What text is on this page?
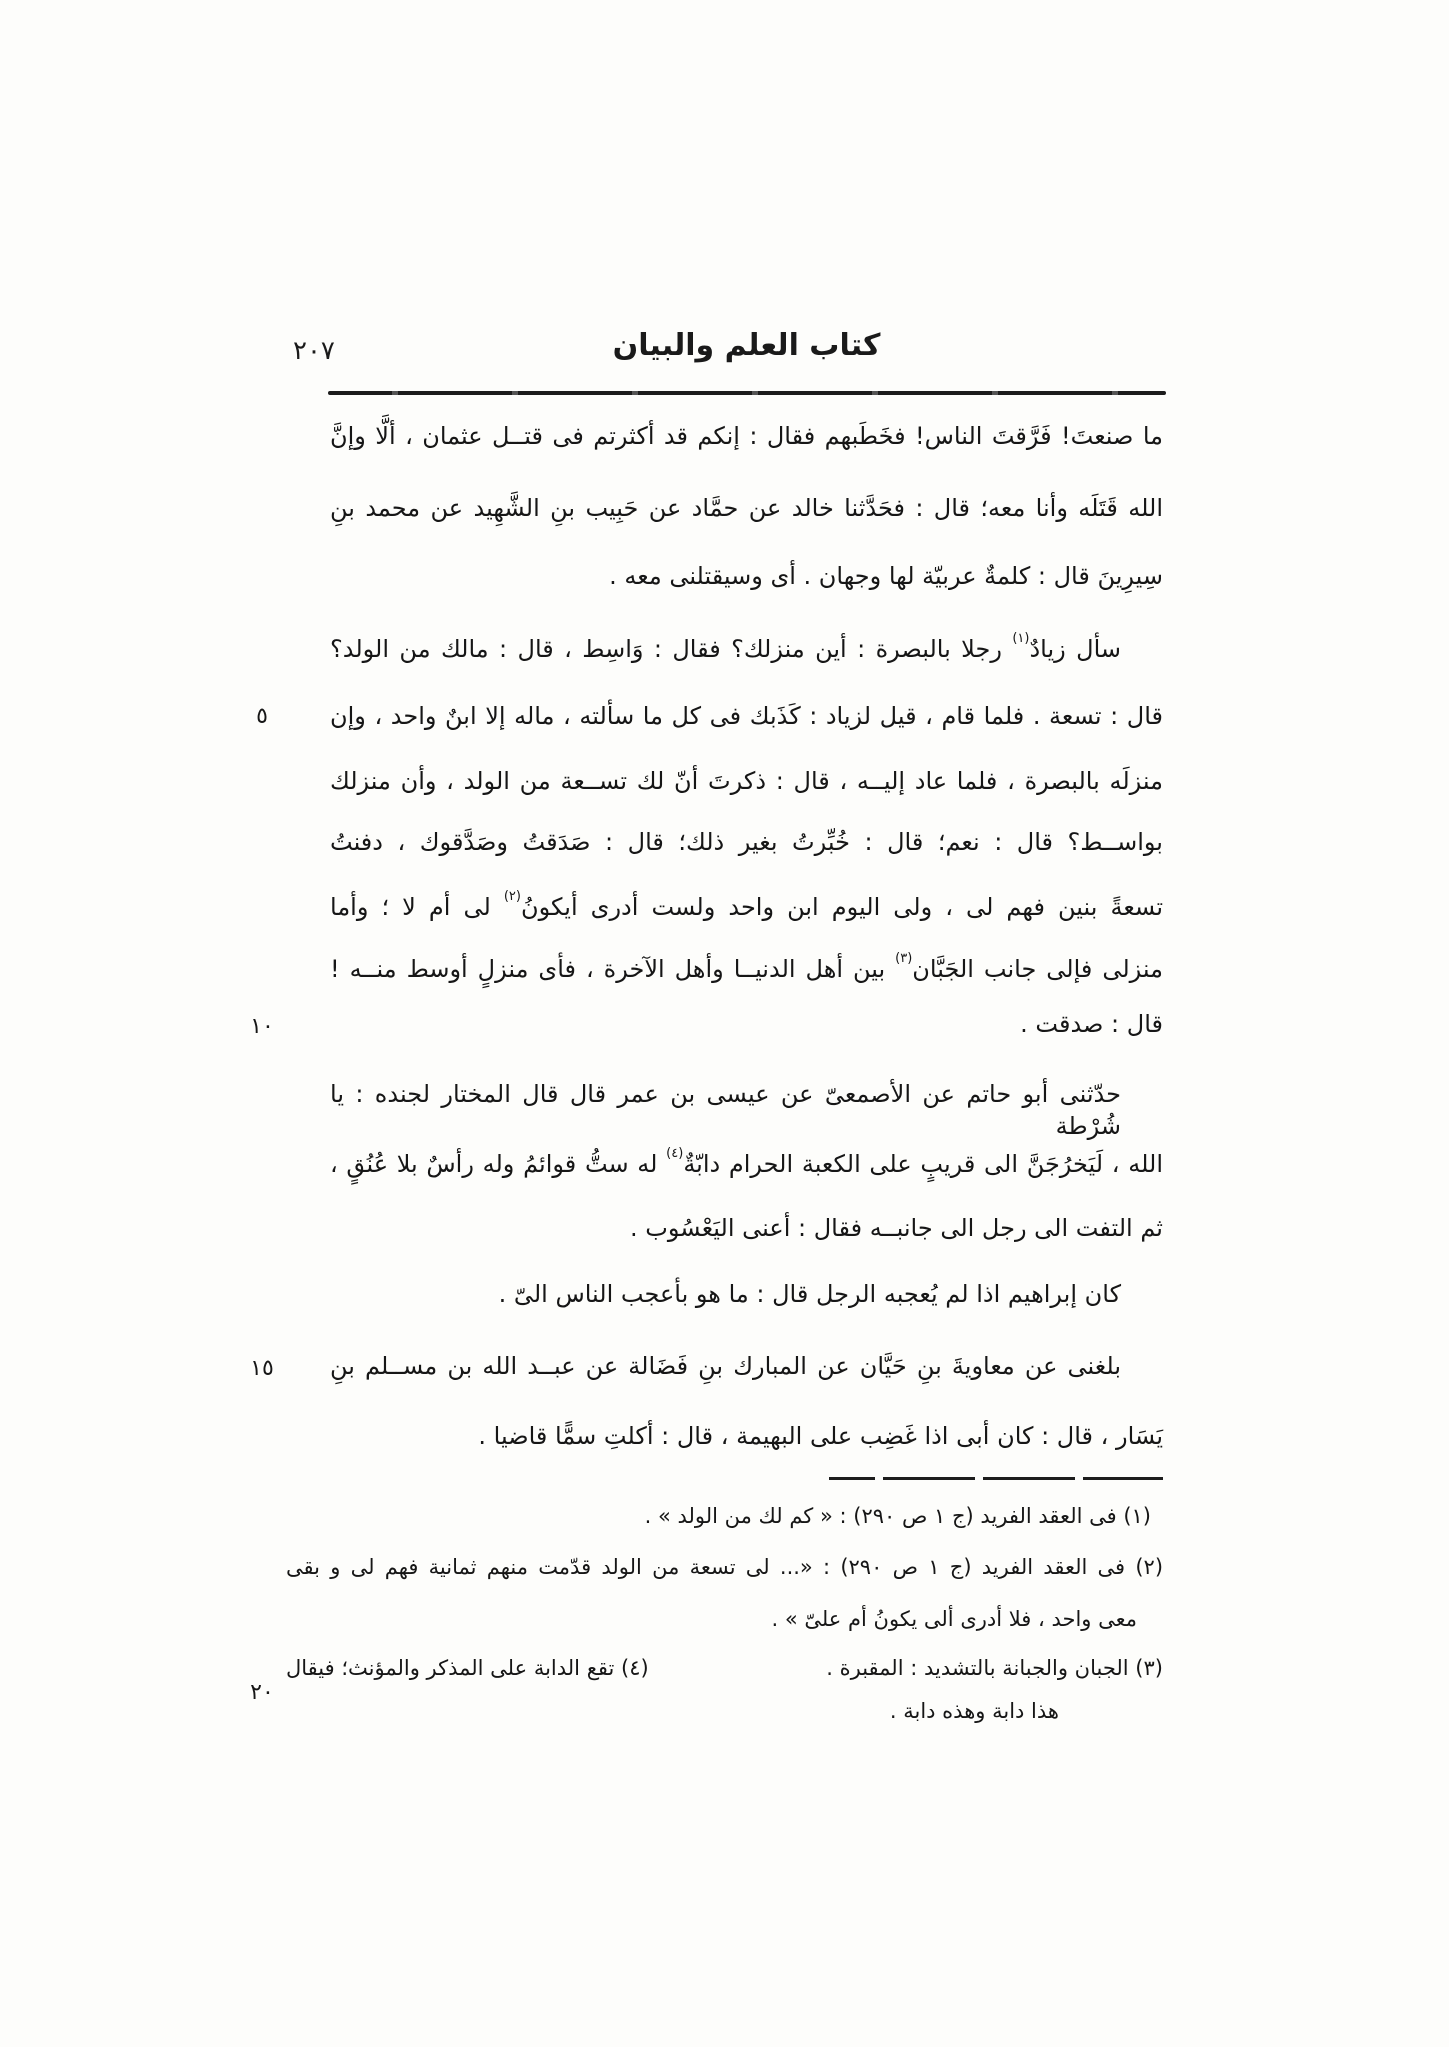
كتاب العلم والبيان
٢٠٧
ما صنعتَ! فَرَّقتَ الناس! فخَطَبهم فقال : إنكم قد أكثرتم فى قتــل عثمان ، ألَّا وإنَّ
الله قَتَلَه وأنا معه؛ قال : فحَدَّثنا خالد عن حمَّاد عن حَبِيب بنِ الشَّهِيد عن محمد بنِ
سِيرِينَ قال : كلمةٌ عربيّة لها وجهان . أى وسيقتلنى معه .
سأل زيادٌ$^{(١)}$ رجلا بالبصرة : أين منزلك؟ فقال : وَاسِط ، قال : مالك من الولد؟
قال : تسعة . فلما قام ، قيل لزياد : كَذَبك فى كل ما سألته ، ماله إلا ابنٌ واحد ، وإن
منزلَه بالبصرة ، فلما عاد إليــه ، قال : ذكرتَ أنّ لك تســعة من الولد ، وأن منزلك
بواســط؟ قال : نعم؛ قال : خُبِّرتُ بغير ذلك؛ قال : صَدَقتُ وصَدَّقوك ، دفنتُ
تسعةً بنين فهم لى ، ولى اليوم ابن واحد ولست أدرى أيكونُ$^{(٢)}$ لى أم لا ؛ وأما
منزلى فإلى جانب الجَبَّان$^{(٣)}$ بين أهل الدنيــا وأهل الآخرة ، فأى منزلٍ أوسط منــه !
قال : صدقت .
حدّثنى أبو حاتم عن الأصمعىّ عن عيسى بن عمر قال قال المختار لجنده : يا شُرْطة
الله ، لَيَخرُجَنَّ الى قريبٍ على الكعبة الحرام دابّةٌ$^{(٤)}$ له ستُّ قوائمُ وله رأسٌ بلا عُنُقٍ ،
ثم التفت الى رجل الى جانبــه فقال : أعنى اليَعْسُوب .
كان إبراهيم اذا لم يُعجبه الرجل قال : ما هو بأعجب الناس الىّ .
بلغنى عن معاويةَ بنِ حَيَّان عن المبارك بنِ فَضَالة عن عبــد الله بن مســلم بنِ
يَسَار ، قال : كان أبى اذا غَضِب على البهيمة ، قال : أكلتِ سمًّا قاضيا .
٥
١٠
١٥
٢٠
(١) فى العقد الفريد (ج ١ ص ٢٩٠) : « كم لك من الولد » .
(٢) فى العقد الفريد (ج ١ ص ٢٩٠) : «... لى تسعة من الولد قدّمت منهم ثمانية فهم لى و بقى
معى واحد ، فلا أدرى ألى يكونُ أم علىّ » .
(٣) الجبان والجبانة بالتشديد : المقبرة .
(٤) تقع الدابة على المذكر والمؤنث؛ فيقال
هذا دابة وهذه دابة .
